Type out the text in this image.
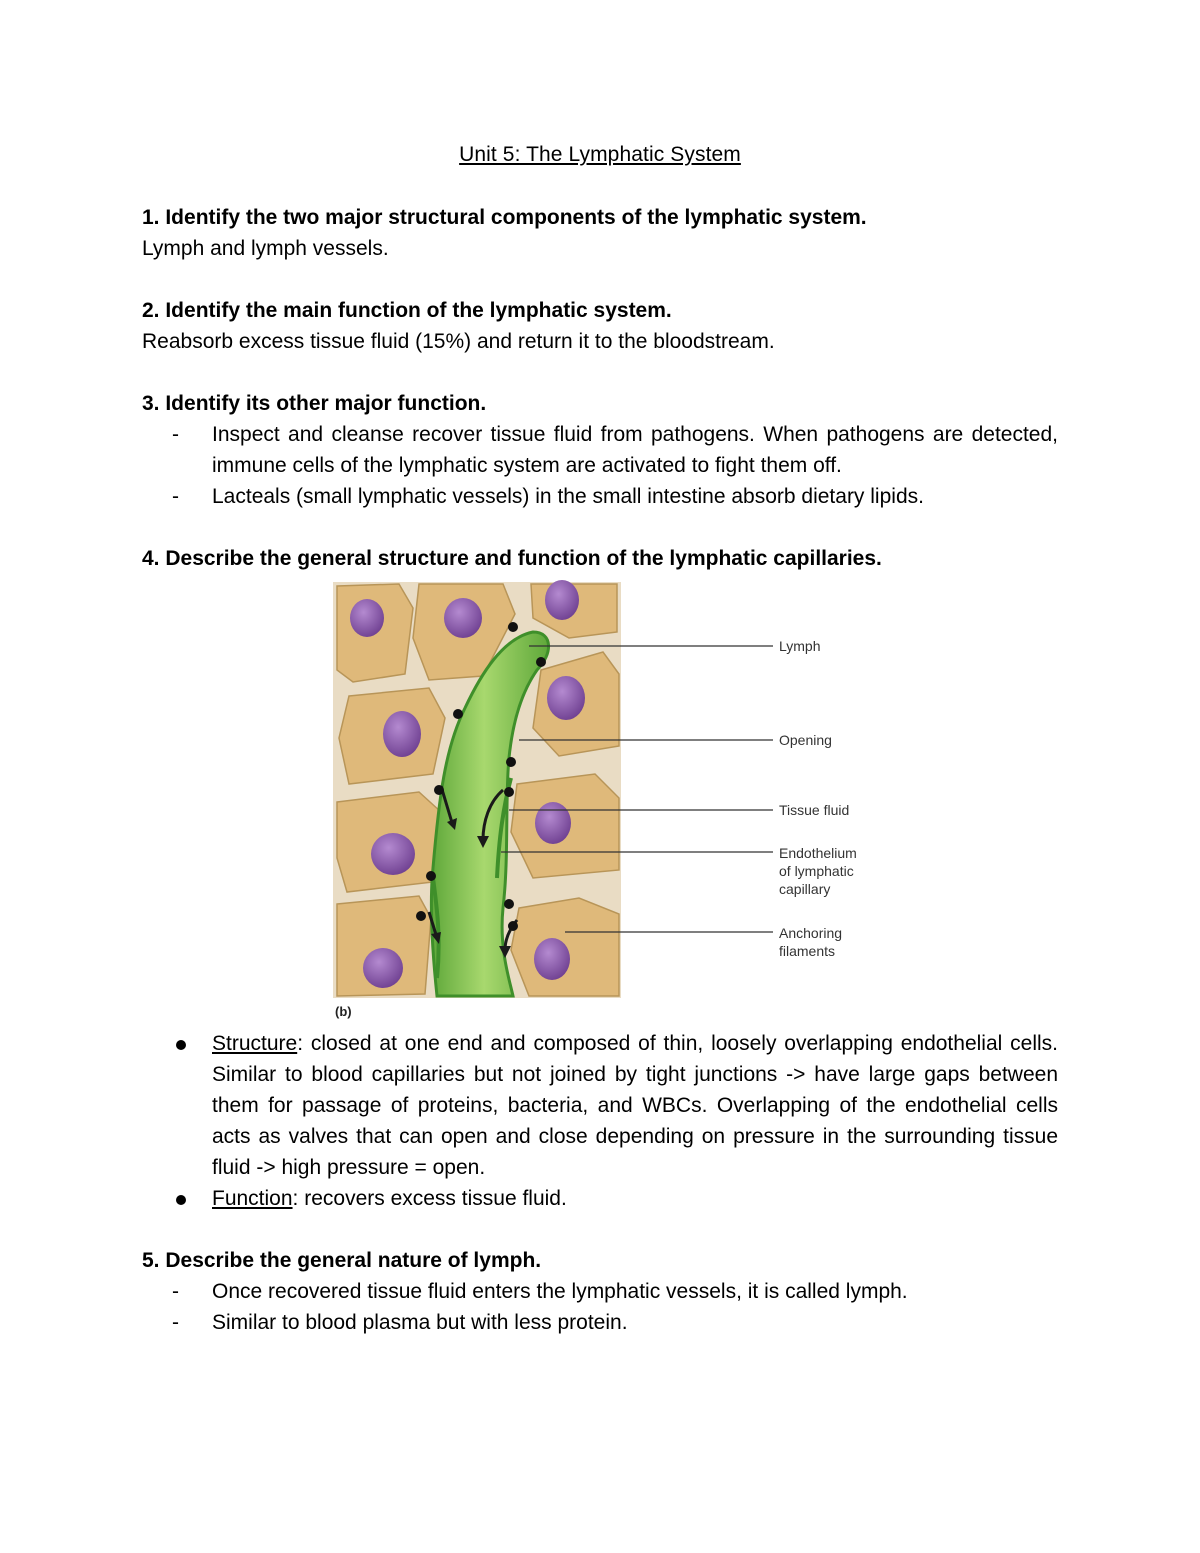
Unit 5: The Lymphatic System
1. Identify the two major structural components of the lymphatic system.
Lymph and lymph vessels.
2. Identify the main function of the lymphatic system.
Reabsorb excess tissue fluid (15%) and return it to the bloodstream.
3. Identify its other major function.
- Inspect and cleanse recover tissue fluid from pathogens. When pathogens are detected, immune cells of the lymphatic system are activated to fight them off.
- Lacteals (small lymphatic vessels) in the small intestine absorb dietary lipids.
4. Describe the general structure and function of the lymphatic capillaries.
Lymph
Opening
Tissue fluid
Endothelium
of lymphatic
capillary
Anchoring
filaments
(b)
Structure: closed at one end and composed of thin, loosely overlapping endothelial cells. Similar to blood capillaries but not joined by tight junctions -> have large gaps between them for passage of proteins, bacteria, and WBCs. Overlapping of the endothelial cells acts as valves that can open and close depending on pressure in the surrounding tissue fluid -> high pressure = open.
Function: recovers excess tissue fluid.
5. Describe the general nature of lymph.
- Once recovered tissue fluid enters the lymphatic vessels, it is called lymph.
- Similar to blood plasma but with less protein.
